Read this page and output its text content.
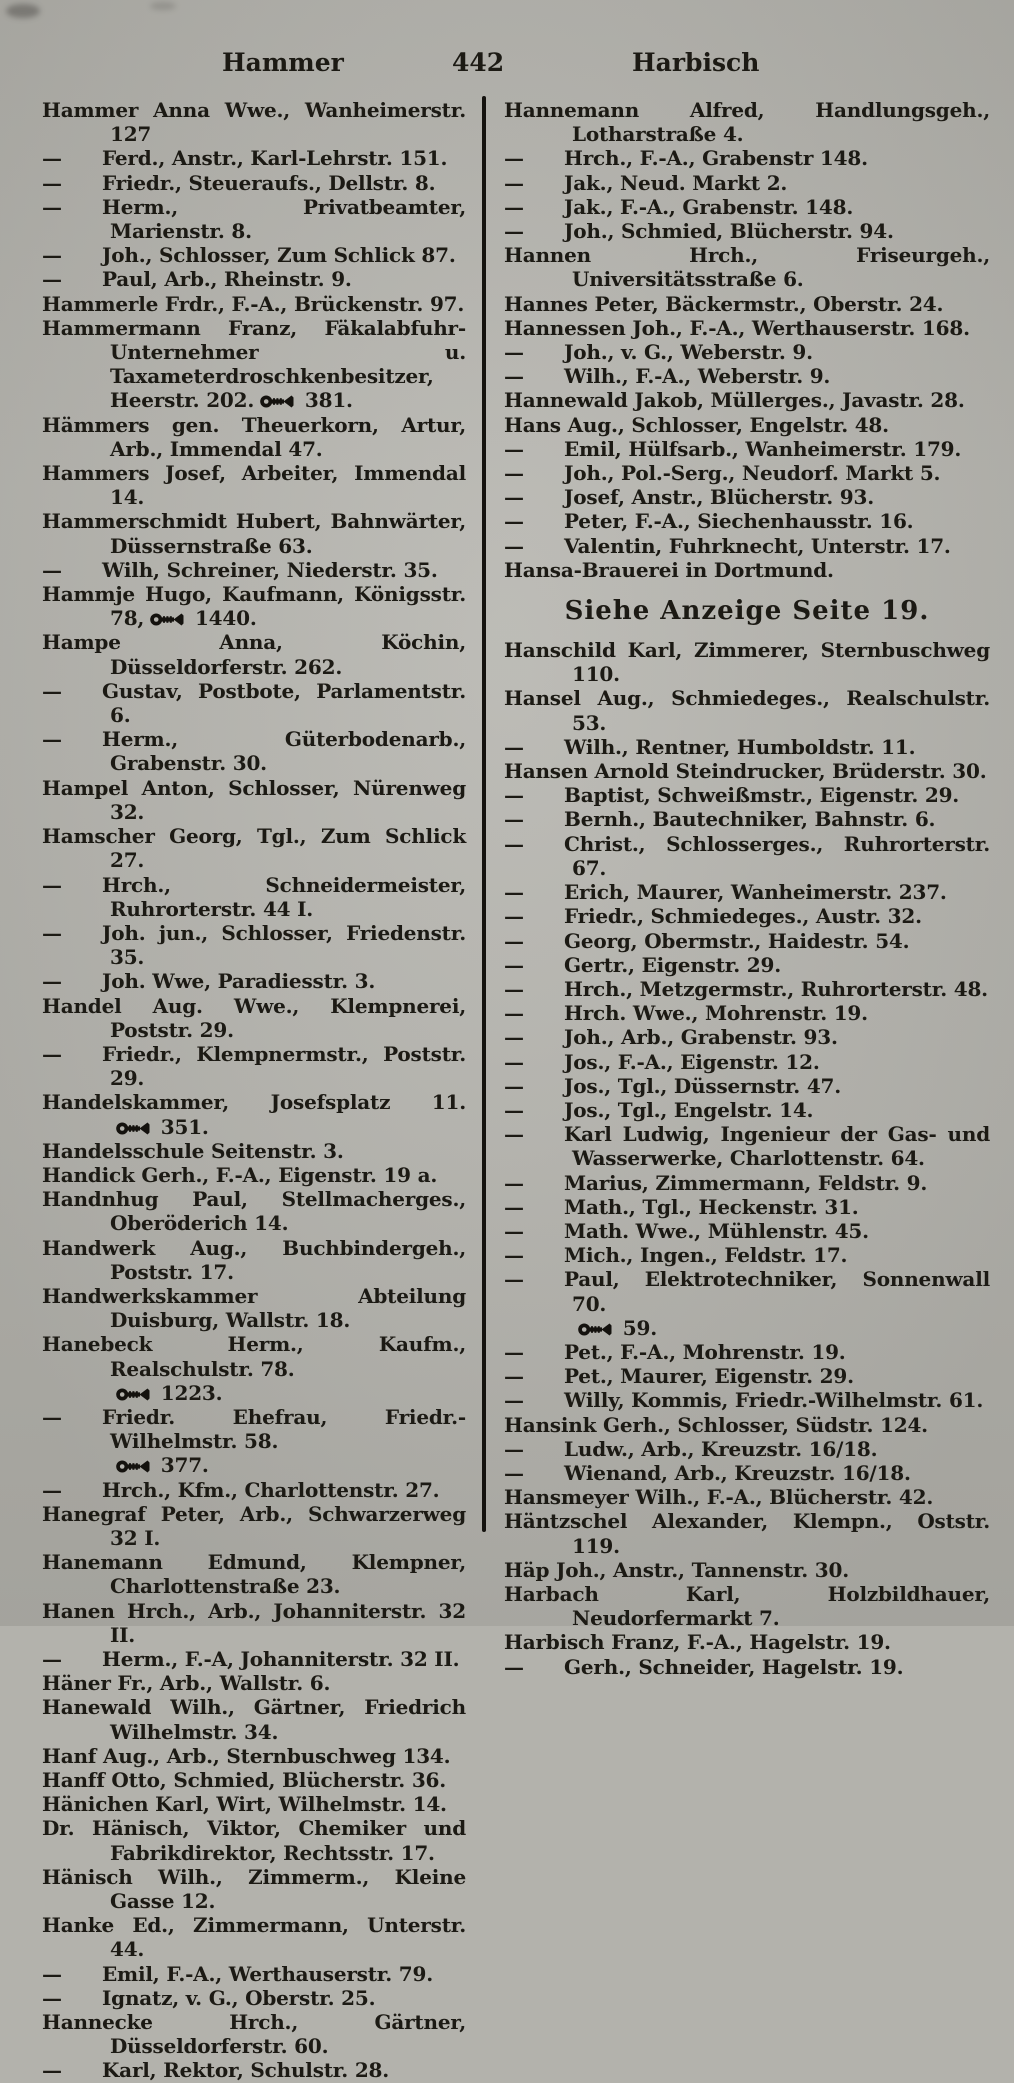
Hammer	442	Harbisch
Hammer Anna Wwe., Wanheimerstr. 127
— Ferd., Anstr., Karl-Lehrstr. 151.
— Friedr., Steueraufs., Dellstr. 8.
— Herm., Privatbeamter, Marienstr. 8.
— Joh., Schlosser, Zum Schlick 87.
— Paul, Arb., Rheinstr. 9.
Hammerle Frdr., F.-A., Brückenstr. 97.
Hammermann Franz, Fäkalabfuhr-Unternehmer u. Taxameterdroschkenbesitzer, Heerstr. 202. 381.
Hämmers gen. Theuerkorn, Artur, Arb., Immendal 47.
Hammers Josef, Arbeiter, Immendal 14.
Hammerschmidt Hubert, Bahnwärter, Düssernstraße 63.
— Wilh, Schreiner, Niederstr. 35.
Hammje Hugo, Kaufmann, Königsstr. 78, 1440.
Hampe Anna, Köchin, Düsseldorferstr. 262.
— Gustav, Postbote, Parlamentstr. 6.
— Herm., Güterbodenarb., Grabenstr. 30.
Hampel Anton, Schlosser, Nürenweg 32.
Hamscher Georg, Tgl., Zum Schlick 27.
— Hrch., Schneidermeister, Ruhrorterstr. 44 I.
— Joh. jun., Schlosser, Friedenstr. 35.
— Joh. Wwe, Paradiesstr. 3.
Handel Aug. Wwe., Klempnerei, Poststr. 29.
— Friedr., Klempnermstr., Poststr. 29.
Handelskammer, Josefsplatz 11. 351.
Handelsschule Seitenstr. 3.
Handick Gerh., F.-A., Eigenstr. 19 a.
Handnhug Paul, Stellmacherges., Oberöderich 14.
Handwerk Aug., Buchbindergeh., Poststr. 17.
Handwerkskammer Abteilung Duisburg, Wallstr. 18.
Hanebeck Herm., Kaufm., Realschulstr. 78.
1223.
— Friedr. Ehefrau, Friedr.-Wilhelmstr. 58.
377.
— Hrch., Kfm., Charlottenstr. 27.
Hanegraf Peter, Arb., Schwarzerweg 32 I.
Hanemann Edmund, Klempner, Charlottenstraße 23.
Hanen Hrch., Arb., Johanniterstr. 32 II.
— Herm., F.-A, Johanniterstr. 32 II.
Häner Fr., Arb., Wallstr. 6.
Hanewald Wilh., Gärtner, Friedrich Wilhelmstr. 34.
Hanf Aug., Arb., Sternbuschweg 134.
Hanff Otto, Schmied, Blücherstr. 36.
Hänichen Karl, Wirt, Wilhelmstr. 14.
Dr. Hänisch, Viktor, Chemiker und Fabrikdirektor, Rechtsstr. 17.
Hänisch Wilh., Zimmerm., Kleine Gasse 12.
Hanke Ed., Zimmermann, Unterstr. 44.
— Emil, F.-A., Werthauserstr. 79.
— Ignatz, v. G., Oberstr. 25.
Hannecke Hrch., Gärtner, Düsseldorferstr. 60.
— Karl, Rektor, Schulstr. 28.
Hannemann Alfred, Handlungsgeh., Lotharstraße 4.
— Hrch., F.-A., Grabenstr 148.
— Jak., Neud. Markt 2.
— Jak., F.-A., Grabenstr. 148.
— Joh., Schmied, Blücherstr. 94.
Hannen Hrch., Friseurgeh., Universitätsstraße 6.
Hannes Peter, Bäckermstr., Oberstr. 24.
Hannessen Joh., F.-A., Werthauserstr. 168.
— Joh., v. G., Weberstr. 9.
— Wilh., F.-A., Weberstr. 9.
Hannewald Jakob, Müllerges., Javastr. 28.
Hans Aug., Schlosser, Engelstr. 48.
— Emil, Hülfsarb., Wanheimerstr. 179.
— Joh., Pol.-Serg., Neudorf. Markt 5.
— Josef, Anstr., Blücherstr. 93.
— Peter, F.-A., Siechenhausstr. 16.
— Valentin, Fuhrknecht, Unterstr. 17.
Hansa-Brauerei in Dortmund.
Siehe Anzeige Seite 19.
Hanschild Karl, Zimmerer, Sternbuschweg 110.
Hansel Aug., Schmiedeges., Realschulstr. 53.
— Wilh., Rentner, Humboldstr. 11.
Hansen Arnold Steindrucker, Brüderstr. 30.
— Baptist, Schweißmstr., Eigenstr. 29.
— Bernh., Bautechniker, Bahnstr. 6.
— Christ., Schlosserges., Ruhrorterstr. 67.
— Erich, Maurer, Wanheimerstr. 237.
— Friedr., Schmiedeges., Austr. 32.
— Georg, Obermstr., Haidestr. 54.
— Gertr., Eigenstr. 29.
— Hrch., Metzgermstr., Ruhrorterstr. 48.
— Hrch. Wwe., Mohrenstr. 19.
— Joh., Arb., Grabenstr. 93.
— Jos., F.-A., Eigenstr. 12.
— Jos., Tgl., Düssernstr. 47.
— Jos., Tgl., Engelstr. 14.
— Karl Ludwig, Ingenieur der Gas- und Wasserwerke, Charlottenstr. 64.
— Marius, Zimmermann, Feldstr. 9.
— Math., Tgl., Heckenstr. 31.
— Math. Wwe., Mühlenstr. 45.
— Mich., Ingen., Feldstr. 17.
— Paul, Elektrotechniker, Sonnenwall 70.
59.
— Pet., F.-A., Mohrenstr. 19.
— Pet., Maurer, Eigenstr. 29.
— Willy, Kommis, Friedr.-Wilhelmstr. 61.
Hansink Gerh., Schlosser, Südstr. 124.
— Ludw., Arb., Kreuzstr. 16/18.
— Wienand, Arb., Kreuzstr. 16/18.
Hansmeyer Wilh., F.-A., Blücherstr. 42.
Häntzschel Alexander, Klempn., Oststr. 119.
Häp Joh., Anstr., Tannenstr. 30.
Harbach Karl, Holzbildhauer, Neudorfermarkt 7.
Harbisch Franz, F.-A., Hagelstr. 19.
— Gerh., Schneider, Hagelstr. 19.
